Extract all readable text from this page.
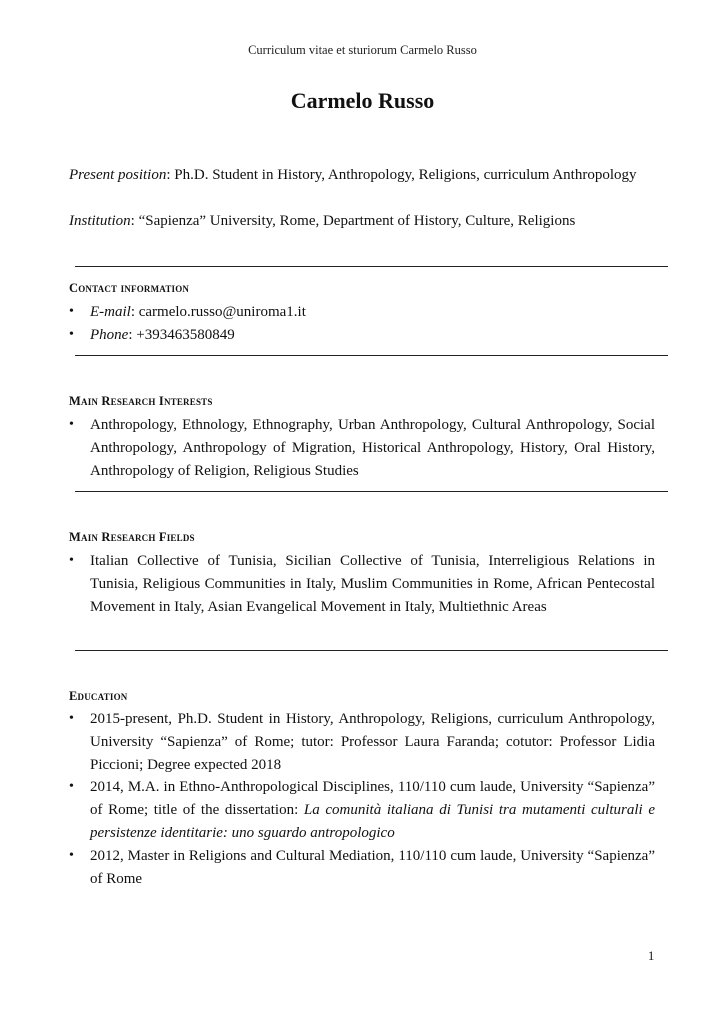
Curriculum vitae et sturiorum Carmelo Russo
Carmelo Russo
Present position: Ph.D. Student in History, Anthropology, Religions, curriculum Anthropology
Institution: “Sapienza” University, Rome, Department of History, Culture, Religions
Contact information
• E-mail: carmelo.russo@uniroma1.it
• Phone: +393463580849
Main Research Interests
• Anthropology, Ethnology, Ethnography, Urban Anthropology, Cultural Anthropology, Social Anthropology, Anthropology of Migration, Historical Anthropology, History, Oral History, Anthropology of Religion, Religious Studies
Main Research Fields
• Italian Collective of Tunisia, Sicilian Collective of Tunisia, Interreligious Relations in Tunisia, Religious Communities in Italy, Muslim Communities in Rome, African Pentecostal Movement in Italy, Asian Evangelical Movement in Italy, Multiethnic Areas
Education
• 2015-present, Ph.D. Student in History, Anthropology, Religions, curriculum Anthropology, University “Sapienza” of Rome; tutor: Professor Laura Faranda; cotutor: Professor Lidia Piccioni; Degree expected 2018
• 2014, M.A. in Ethno-Anthropological Disciplines, 110/110 cum laude, University “Sapienza” of Rome; title of the dissertation: La comunità italiana di Tunisi tra mutamenti culturali e persistenze identitarie: uno sguardo antropologico
• 2012, Master in Religions and Cultural Mediation, 110/110 cum laude, University “Sapienza” of Rome
1
